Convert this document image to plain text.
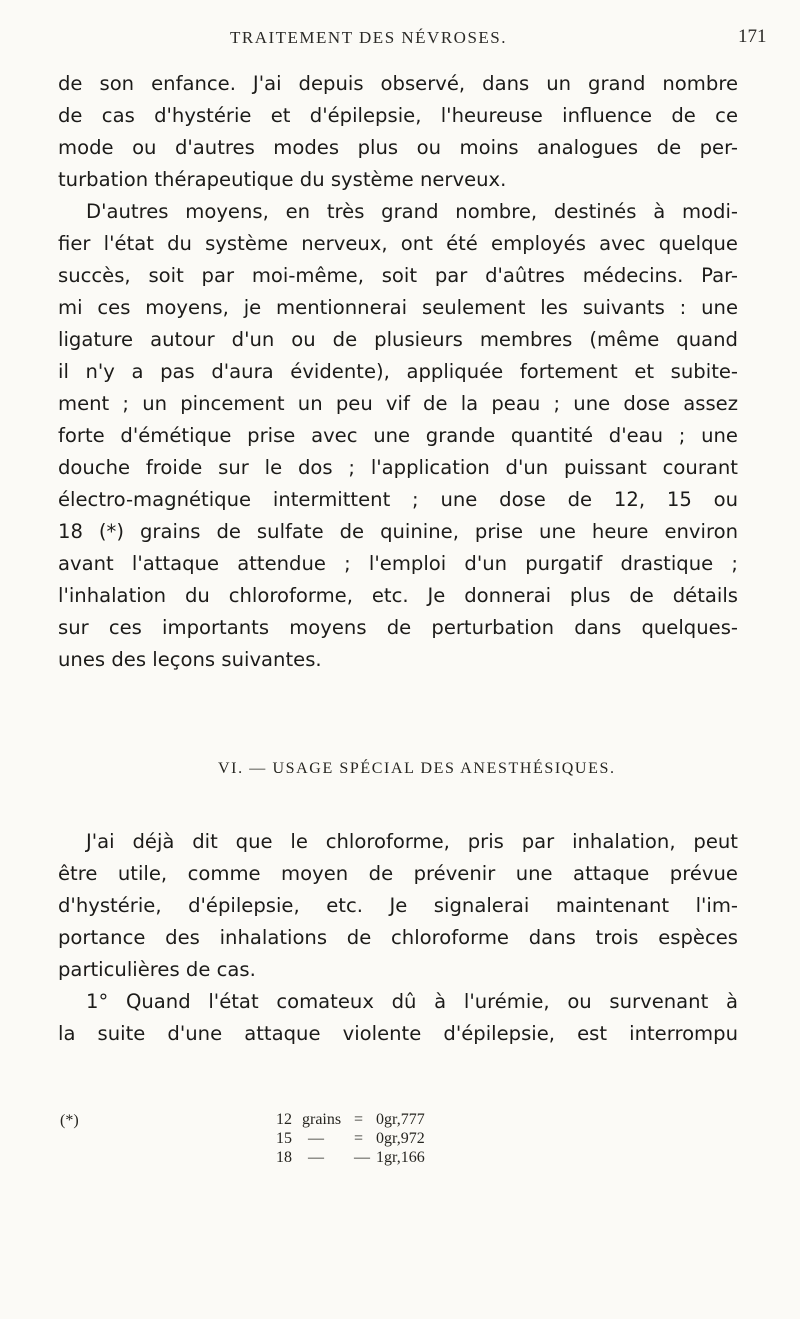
TRAITEMENT DES NÉVROSES.	171
de son enfance. J'ai depuis observé, dans un grand nombre
de cas d'hystérie et d'épilepsie, l'heureuse influence de ce
mode ou d'autres modes plus ou moins analogues de per-
turbation thérapeutique du système nerveux.
D'autres moyens, en très grand nombre, destinés à modi-
fier l'état du système nerveux, ont été employés avec quelque
succès, soit par moi-même, soit par d'aûtres médecins. Par-
mi ces moyens, je mentionnerai seulement les suivants : une
ligature autour d'un ou de plusieurs membres (même quand
il n'y a pas d'aura évidente), appliquée fortement et subite-
ment ; un pincement un peu vif de la peau ; une dose assez
forte d'émétique prise avec une grande quantité d'eau ; une
douche froide sur le dos ; l'application d'un puissant courant
électro-magnétique intermittent ; une dose de 12, 15 ou
18 (*) grains de sulfate de quinine, prise une heure environ
avant l'attaque attendue ; l'emploi d'un purgatif drastique ;
l'inhalation du chloroforme, etc. Je donnerai plus de détails
sur ces importants moyens de perturbation dans quelques-
unes des leçons suivantes.
VI. — USAGE SPÉCIAL DES ANESTHÉSIQUES.
J'ai déjà dit que le chloroforme, pris par inhalation, peut
être utile, comme moyen de prévenir une attaque prévue
d'hystérie, d'épilepsie, etc. Je signalerai maintenant l'im-
portance des inhalations de chloroforme dans trois espèces
particulières de cas.
1° Quand l'état comateux dû à l'urémie, ou survenant à
la suite d'une attaque violente d'épilepsie, est interrompu
(*)	12 grains = 0gr,777
15	—	= 0gr,972
18	—	— 1gr,166
